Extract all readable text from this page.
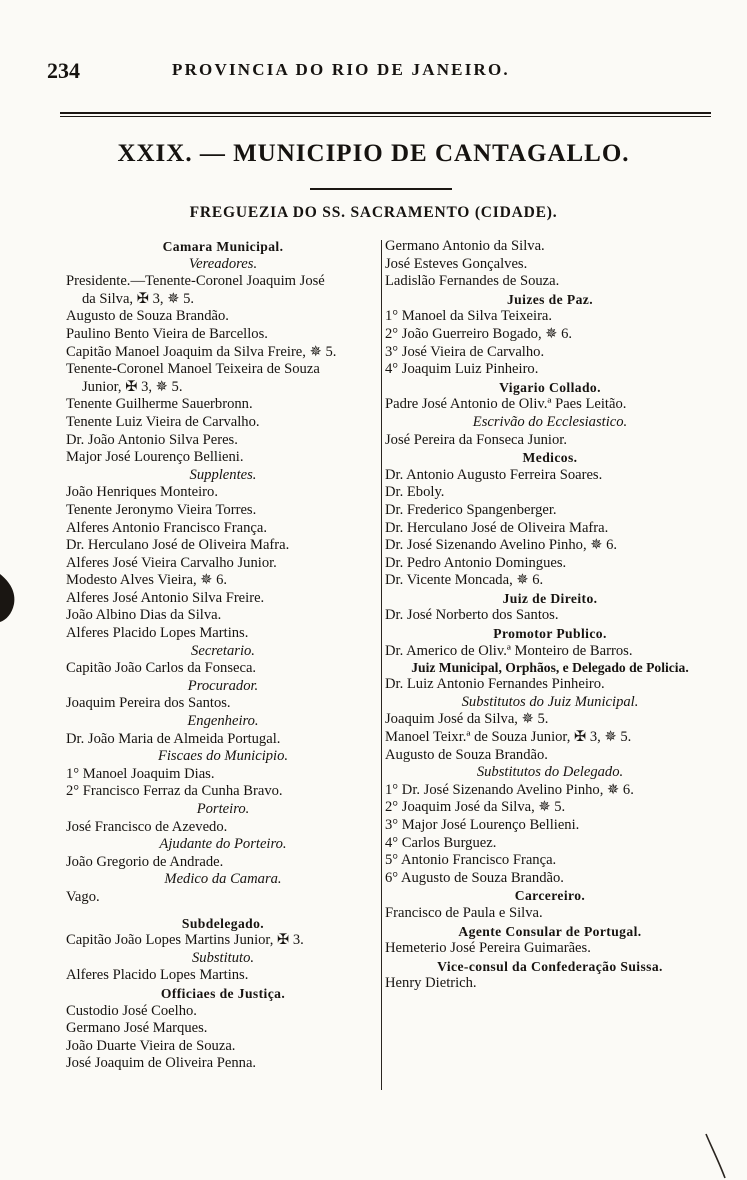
234	PROVINCIA DO RIO DE JANEIRO.
XXIX. — MUNICIPIO DE CANTAGALLO.
FREGUEZIA DO SS. SACRAMENTO (CIDADE).
Camara Municipal.
Vereadores.
Presidente.—Tenente-Coronel Joaquim José
da Silva, ✠ 3, ✵ 5.
Augusto de Souza Brandão.
Paulino Bento Vieira de Barcellos.
Capitão Manoel Joaquim da Silva Freire, ✵ 5.
Tenente-Coronel Manoel Teixeira de Souza
Junior, ✠ 3, ✵ 5.
Tenente Guilherme Sauerbronn.
Tenente Luiz Vieira de Carvalho.
Dr. João Antonio Silva Peres.
Major José Lourenço Bellieni.
Supplentes.
João Henriques Monteiro.
Tenente Jeronymo Vieira Torres.
Alferes Antonio Francisco França.
Dr. Herculano José de Oliveira Mafra.
Alferes José Vieira Carvalho Junior.
Modesto Alves Vieira, ✵ 6.
Alferes José Antonio Silva Freire.
João Albino Dias da Silva.
Alferes Placido Lopes Martins.
Secretario.
Capitão João Carlos da Fonseca.
Procurador.
Joaquim Pereira dos Santos.
Engenheiro.
Dr. João Maria de Almeida Portugal.
Fiscaes do Municipio.
1° Manoel Joaquim Dias.
2° Francisco Ferraz da Cunha Bravo.
Porteiro.
José Francisco de Azevedo.
Ajudante do Porteiro.
João Gregorio de Andrade.
Medico da Camara.
Vago.
Subdelegado.
Capitão João Lopes Martins Junior, ✠ 3.
Substituto.
Alferes Placido Lopes Martins.
Officiaes de Justiça.
Custodio José Coelho.
Germano José Marques.
João Duarte Vieira de Souza.
José Joaquim de Oliveira Penna.
Germano Antonio da Silva.
José Esteves Gonçalves.
Ladislão Fernandes de Souza.
Juizes de Paz.
1° Manoel da Silva Teixeira.
2° João Guerreiro Bogado, ✵ 6.
3° José Vieira de Carvalho.
4° Joaquim Luiz Pinheiro.
Vigario Collado.
Padre José Antonio de Oliv.ª Paes Leitão.
Escrivão do Ecclesiastico.
José Pereira da Fonseca Junior.
Medicos.
Dr. Antonio Augusto Ferreira Soares.
Dr. Eboly.
Dr. Frederico Spangenberger.
Dr. Herculano José de Oliveira Mafra.
Dr. José Sizenando Avelino Pinho, ✵ 6.
Dr. Pedro Antonio Domingues.
Dr. Vicente Moncada, ✵ 6.
Juiz de Direito.
Dr. José Norberto dos Santos.
Promotor Publico.
Dr. Americo de Oliv.ª Monteiro de Barros.
Juiz Municipal, Orphãos, e Delegado de Policia.
Dr. Luiz Antonio Fernandes Pinheiro.
Substitutos do Juiz Municipal.
Joaquim José da Silva, ✵ 5.
Manoel Teixr.ª de Souza Junior, ✠ 3, ✵ 5.
Augusto de Souza Brandão.
Substitutos do Delegado.
1° Dr. José Sizenando Avelino Pinho, ✵ 6.
2° Joaquim José da Silva, ✵ 5.
3° Major José Lourenço Bellieni.
4° Carlos Burguez.
5° Antonio Francisco França.
6° Augusto de Souza Brandão.
Carcereiro.
Francisco de Paula e Silva.
Agente Consular de Portugal.
Hemeterio José Pereira Guimarães.
Vice-consul da Confederação Suissa.
Henry Dietrich.
